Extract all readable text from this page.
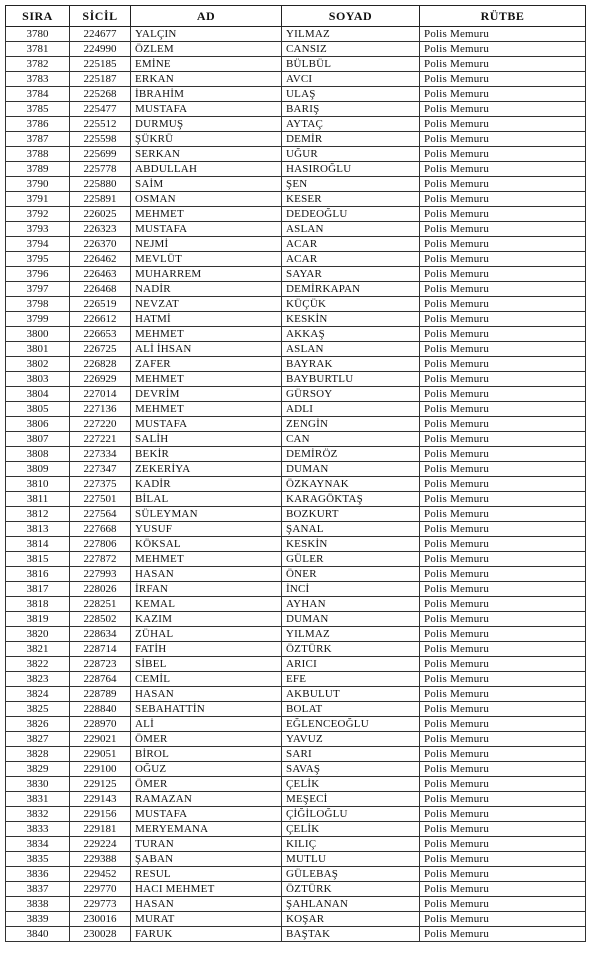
SIRA	SİCİL	AD	SOYAD	RÜTBE
3780	224677	YALÇIN	YILMAZ	Polis Memuru
3781	224990	ÖZLEM	CANSIZ	Polis Memuru
3782	225185	EMİNE	BÜLBÜL	Polis Memuru
3783	225187	ERKAN	AVCI	Polis Memuru
3784	225268	İBRAHİM	ULAŞ	Polis Memuru
3785	225477	MUSTAFA	BARIŞ	Polis Memuru
3786	225512	DURMUŞ	AYTAÇ	Polis Memuru
3787	225598	ŞÜKRÜ	DEMİR	Polis Memuru
3788	225699	SERKAN	UĞUR	Polis Memuru
3789	225778	ABDULLAH	HASIROĞLU	Polis Memuru
3790	225880	SAİM	ŞEN	Polis Memuru
3791	225891	OSMAN	KESER	Polis Memuru
3792	226025	MEHMET	DEDEOĞLU	Polis Memuru
3793	226323	MUSTAFA	ASLAN	Polis Memuru
3794	226370	NEJMİ	ACAR	Polis Memuru
3795	226462	MEVLÜT	ACAR	Polis Memuru
3796	226463	MUHARREM	SAYAR	Polis Memuru
3797	226468	NADİR	DEMİRKAPAN	Polis Memuru
3798	226519	NEVZAT	KÜÇÜK	Polis Memuru
3799	226612	HATMİ	KESKİN	Polis Memuru
3800	226653	MEHMET	AKKAŞ	Polis Memuru
3801	226725	ALİ İHSAN	ASLAN	Polis Memuru
3802	226828	ZAFER	BAYRAK	Polis Memuru
3803	226929	MEHMET	BAYBURTLU	Polis Memuru
3804	227014	DEVRİM	GÜRSOY	Polis Memuru
3805	227136	MEHMET	ADLI	Polis Memuru
3806	227220	MUSTAFA	ZENGİN	Polis Memuru
3807	227221	SALİH	CAN	Polis Memuru
3808	227334	BEKİR	DEMİRÖZ	Polis Memuru
3809	227347	ZEKERİYA	DUMAN	Polis Memuru
3810	227375	KADİR	ÖZKAYNAK	Polis Memuru
3811	227501	BİLAL	KARAGÖKTAŞ	Polis Memuru
3812	227564	SÜLEYMAN	BOZKURT	Polis Memuru
3813	227668	YUSUF	ŞANAL	Polis Memuru
3814	227806	KÖKSAL	KESKİN	Polis Memuru
3815	227872	MEHMET	GÜLER	Polis Memuru
3816	227993	HASAN	ÖNER	Polis Memuru
3817	228026	İRFAN	İNCİ	Polis Memuru
3818	228251	KEMAL	AYHAN	Polis Memuru
3819	228502	KAZIM	DUMAN	Polis Memuru
3820	228634	ZÜHAL	YILMAZ	Polis Memuru
3821	228714	FATİH	ÖZTÜRK	Polis Memuru
3822	228723	SİBEL	ARICI	Polis Memuru
3823	228764	CEMİL	EFE	Polis Memuru
3824	228789	HASAN	AKBULUT	Polis Memuru
3825	228840	SEBAHATTİN	BOLAT	Polis Memuru
3826	228970	ALİ	EĞLENCEOĞLU	Polis Memuru
3827	229021	ÖMER	YAVUZ	Polis Memuru
3828	229051	BİROL	SARI	Polis Memuru
3829	229100	OĞUZ	SAVAŞ	Polis Memuru
3830	229125	ÖMER	ÇELİK	Polis Memuru
3831	229143	RAMAZAN	MEŞECİ	Polis Memuru
3832	229156	MUSTAFA	ÇİĞİLOĞLU	Polis Memuru
3833	229181	MERYEMANA	ÇELİK	Polis Memuru
3834	229224	TURAN	KILIÇ	Polis Memuru
3835	229388	ŞABAN	MUTLU	Polis Memuru
3836	229452	RESUL	GÜLEBAŞ	Polis Memuru
3837	229770	HACI MEHMET	ÖZTÜRK	Polis Memuru
3838	229773	HASAN	ŞAHLANAN	Polis Memuru
3839	230016	MURAT	KOŞAR	Polis Memuru
3840	230028	FARUK	BAŞTAK	Polis Memuru
